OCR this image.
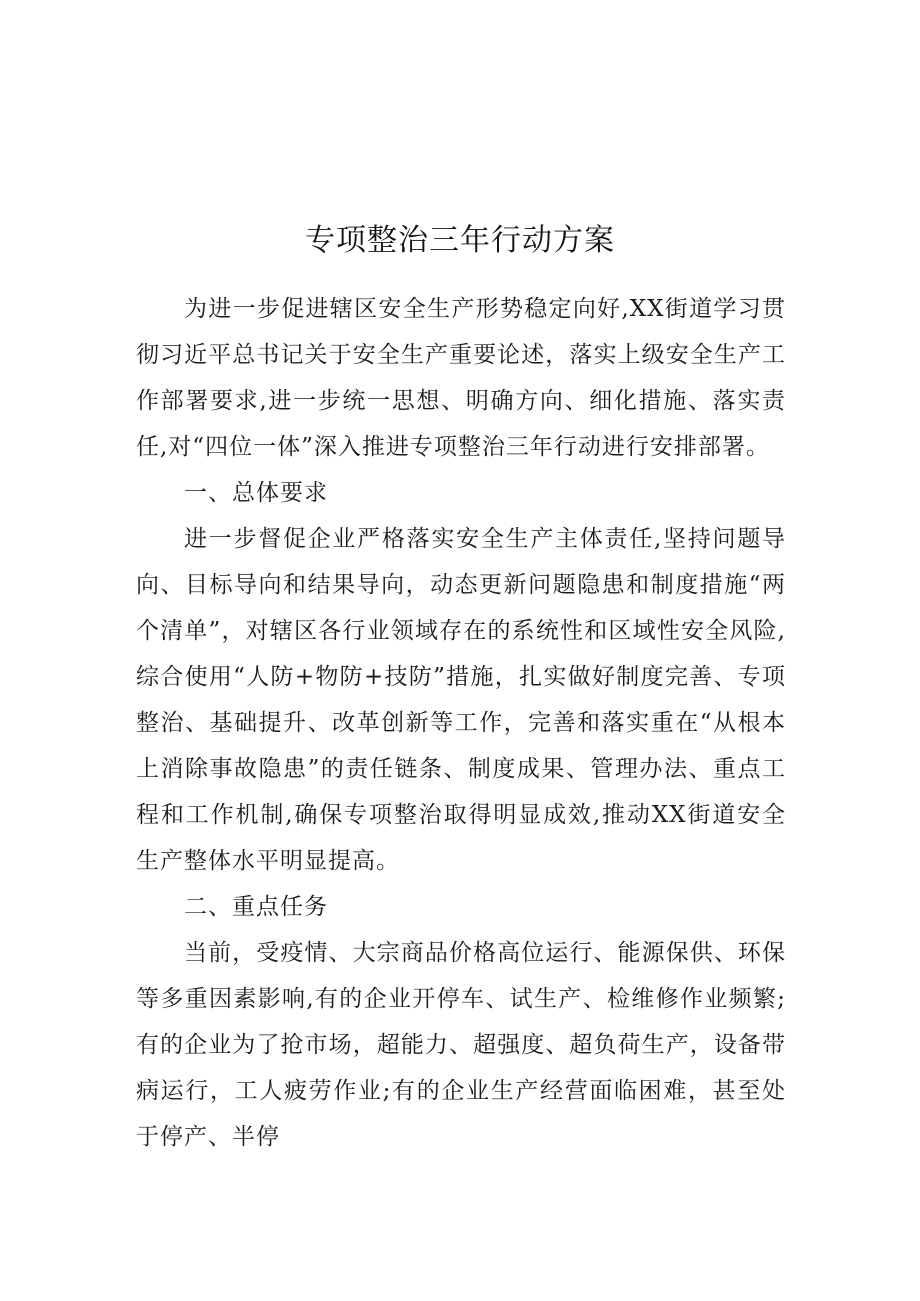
专项整治三年行动方案

为进一步促进辖区安全生产形势稳定向好,XX街道学习贯彻习近平总书记关于安全生产重要论述，落实上级安全生产工作部署要求,进一步统一思想、明确方向、细化措施、落实责任,对“四位一体”深入推进专项整治三年行动进行安排部署。

一、总体要求

进一步督促企业严格落实安全生产主体责任,坚持问题导向、目标导向和结果导向，动态更新问题隐患和制度措施“两个清单”，对辖区各行业领域存在的系统性和区域性安全风险,综合使用“人防+物防+技防”措施，扎实做好制度完善、专项整治、基础提升、改革创新等工作，完善和落实重在“从根本上消除事故隐患”的责任链条、制度成果、管理办法、重点工程和工作机制,确保专项整治取得明显成效,推动XX街道安全生产整体水平明显提高。

二、重点任务

当前，受疫情、大宗商品价格高位运行、能源保供、环保等多重因素影响,有的企业开停车、试生产、检维修作业频繁;有的企业为了抢市场，超能力、超强度、超负荷生产，设备带病运行，工人疲劳作业;有的企业生产经营面临困难，甚至处于停产、半停
